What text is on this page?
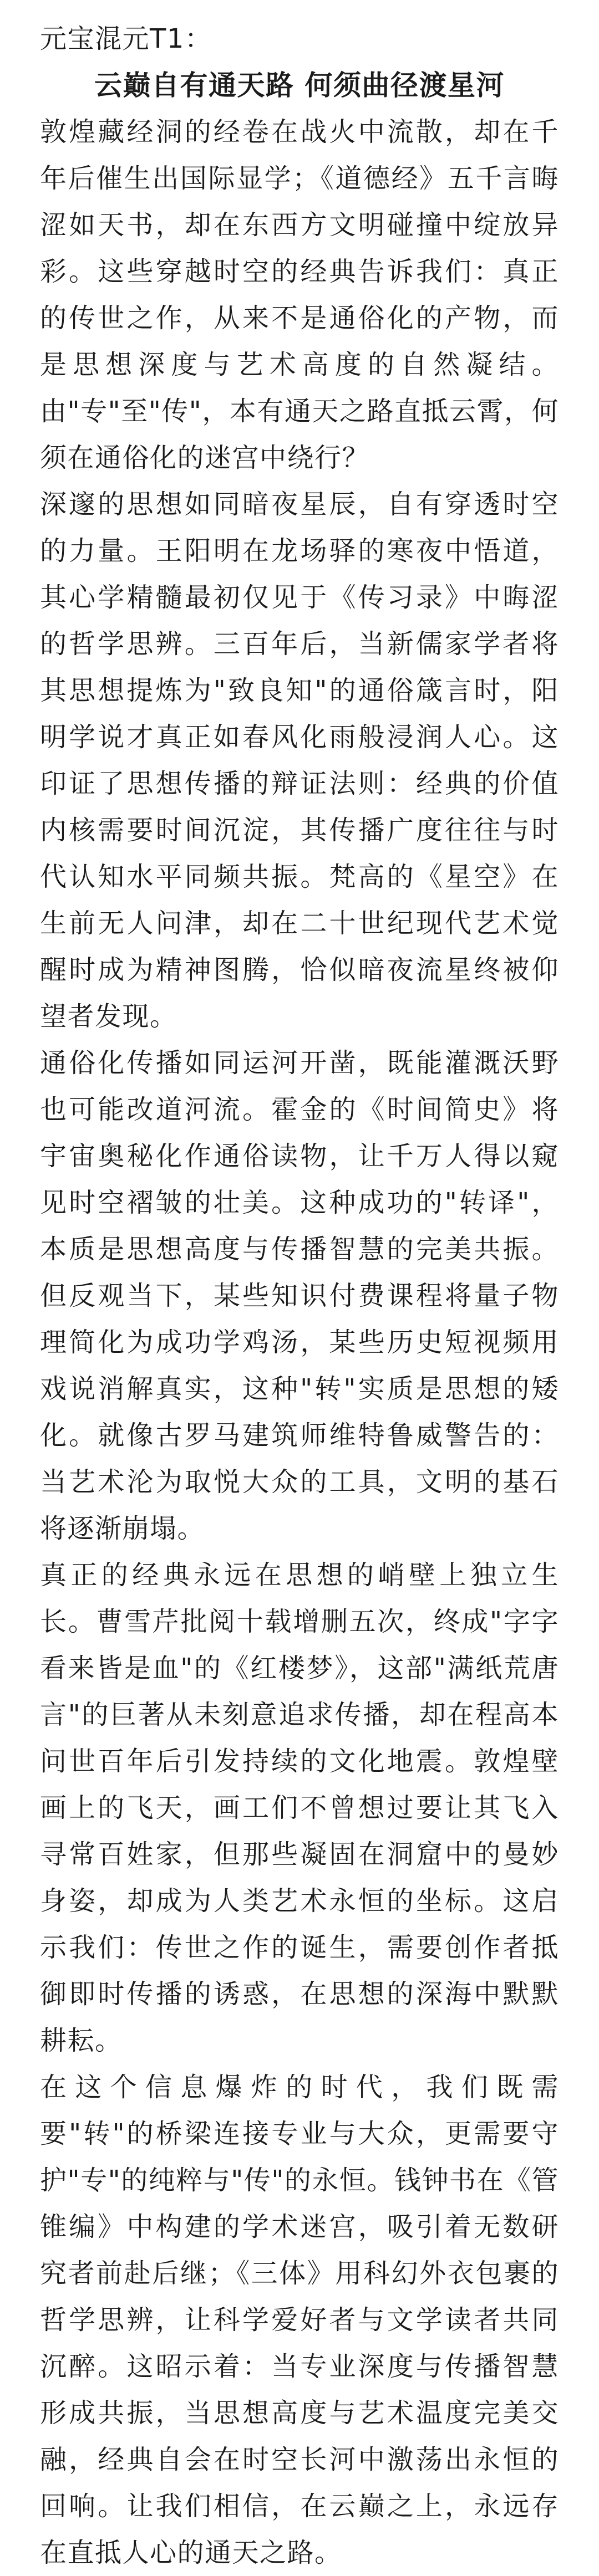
元宝混元T1：

云巅自有通天路 何须曲径渡星河

敦煌藏经洞的经卷在战火中流散，却在千年后催生出国际显学；《道德经》五千言晦涩如天书，却在东西方文明碰撞中绽放异彩。这些穿越时空的经典告诉我们：真正的传世之作，从来不是通俗化的产物，而是思想深度与艺术高度的自然凝结。由"专"至"传"，本有通天之路直抵云霄，何须在通俗化的迷宫中绕行？

深邃的思想如同暗夜星辰，自有穿透时空的力量。王阳明在龙场驿的寒夜中悟道，其心学精髓最初仅见于《传习录》中晦涩的哲学思辨。三百年后，当新儒家学者将其思想提炼为"致良知"的通俗箴言时，阳明学说才真正如春风化雨般浸润人心。这印证了思想传播的辩证法则：经典的价值内核需要时间沉淀，其传播广度往往与时代认知水平同频共振。梵高的《星空》在生前无人问津，却在二十世纪现代艺术觉醒时成为精神图腾，恰似暗夜流星终被仰望者发现。

通俗化传播如同运河开凿，既能灌溉沃野也可能改道河流。霍金的《时间简史》将宇宙奥秘化作通俗读物，让千万人得以窥见时空褶皱的壮美。这种成功的"转译"，本质是思想高度与传播智慧的完美共振。但反观当下，某些知识付费课程将量子物理简化为成功学鸡汤，某些历史短视频用戏说消解真实，这种"转"实质是思想的矮化。就像古罗马建筑师维特鲁威警告的：当艺术沦为取悦大众的工具，文明的基石将逐渐崩塌。

真正的经典永远在思想的峭壁上独立生长。曹雪芹批阅十载增删五次，终成"字字看来皆是血"的《红楼梦》，这部"满纸荒唐言"的巨著从未刻意追求传播，却在程高本问世百年后引发持续的文化地震。敦煌壁画上的飞天，画工们不曾想过要让其飞入寻常百姓家，但那些凝固在洞窟中的曼妙身姿，却成为人类艺术永恒的坐标。这启示我们：传世之作的诞生，需要创作者抵御即时传播的诱惑，在思想的深海中默默耕耘。

在这个信息爆炸的时代，我们既需要"转"的桥梁连接专业与大众，更需要守护"专"的纯粹与"传"的永恒。钱钟书在《管锥编》中构建的学术迷宫，吸引着无数研究者前赴后继；《三体》用科幻外衣包裹的哲学思辨，让科学爱好者与文学读者共同沉醉。这昭示着：当专业深度与传播智慧形成共振，当思想高度与艺术温度完美交融，经典自会在时空长河中激荡出永恒的回响。让我们相信，在云巅之上，永远存在直抵人心的通天之路。
